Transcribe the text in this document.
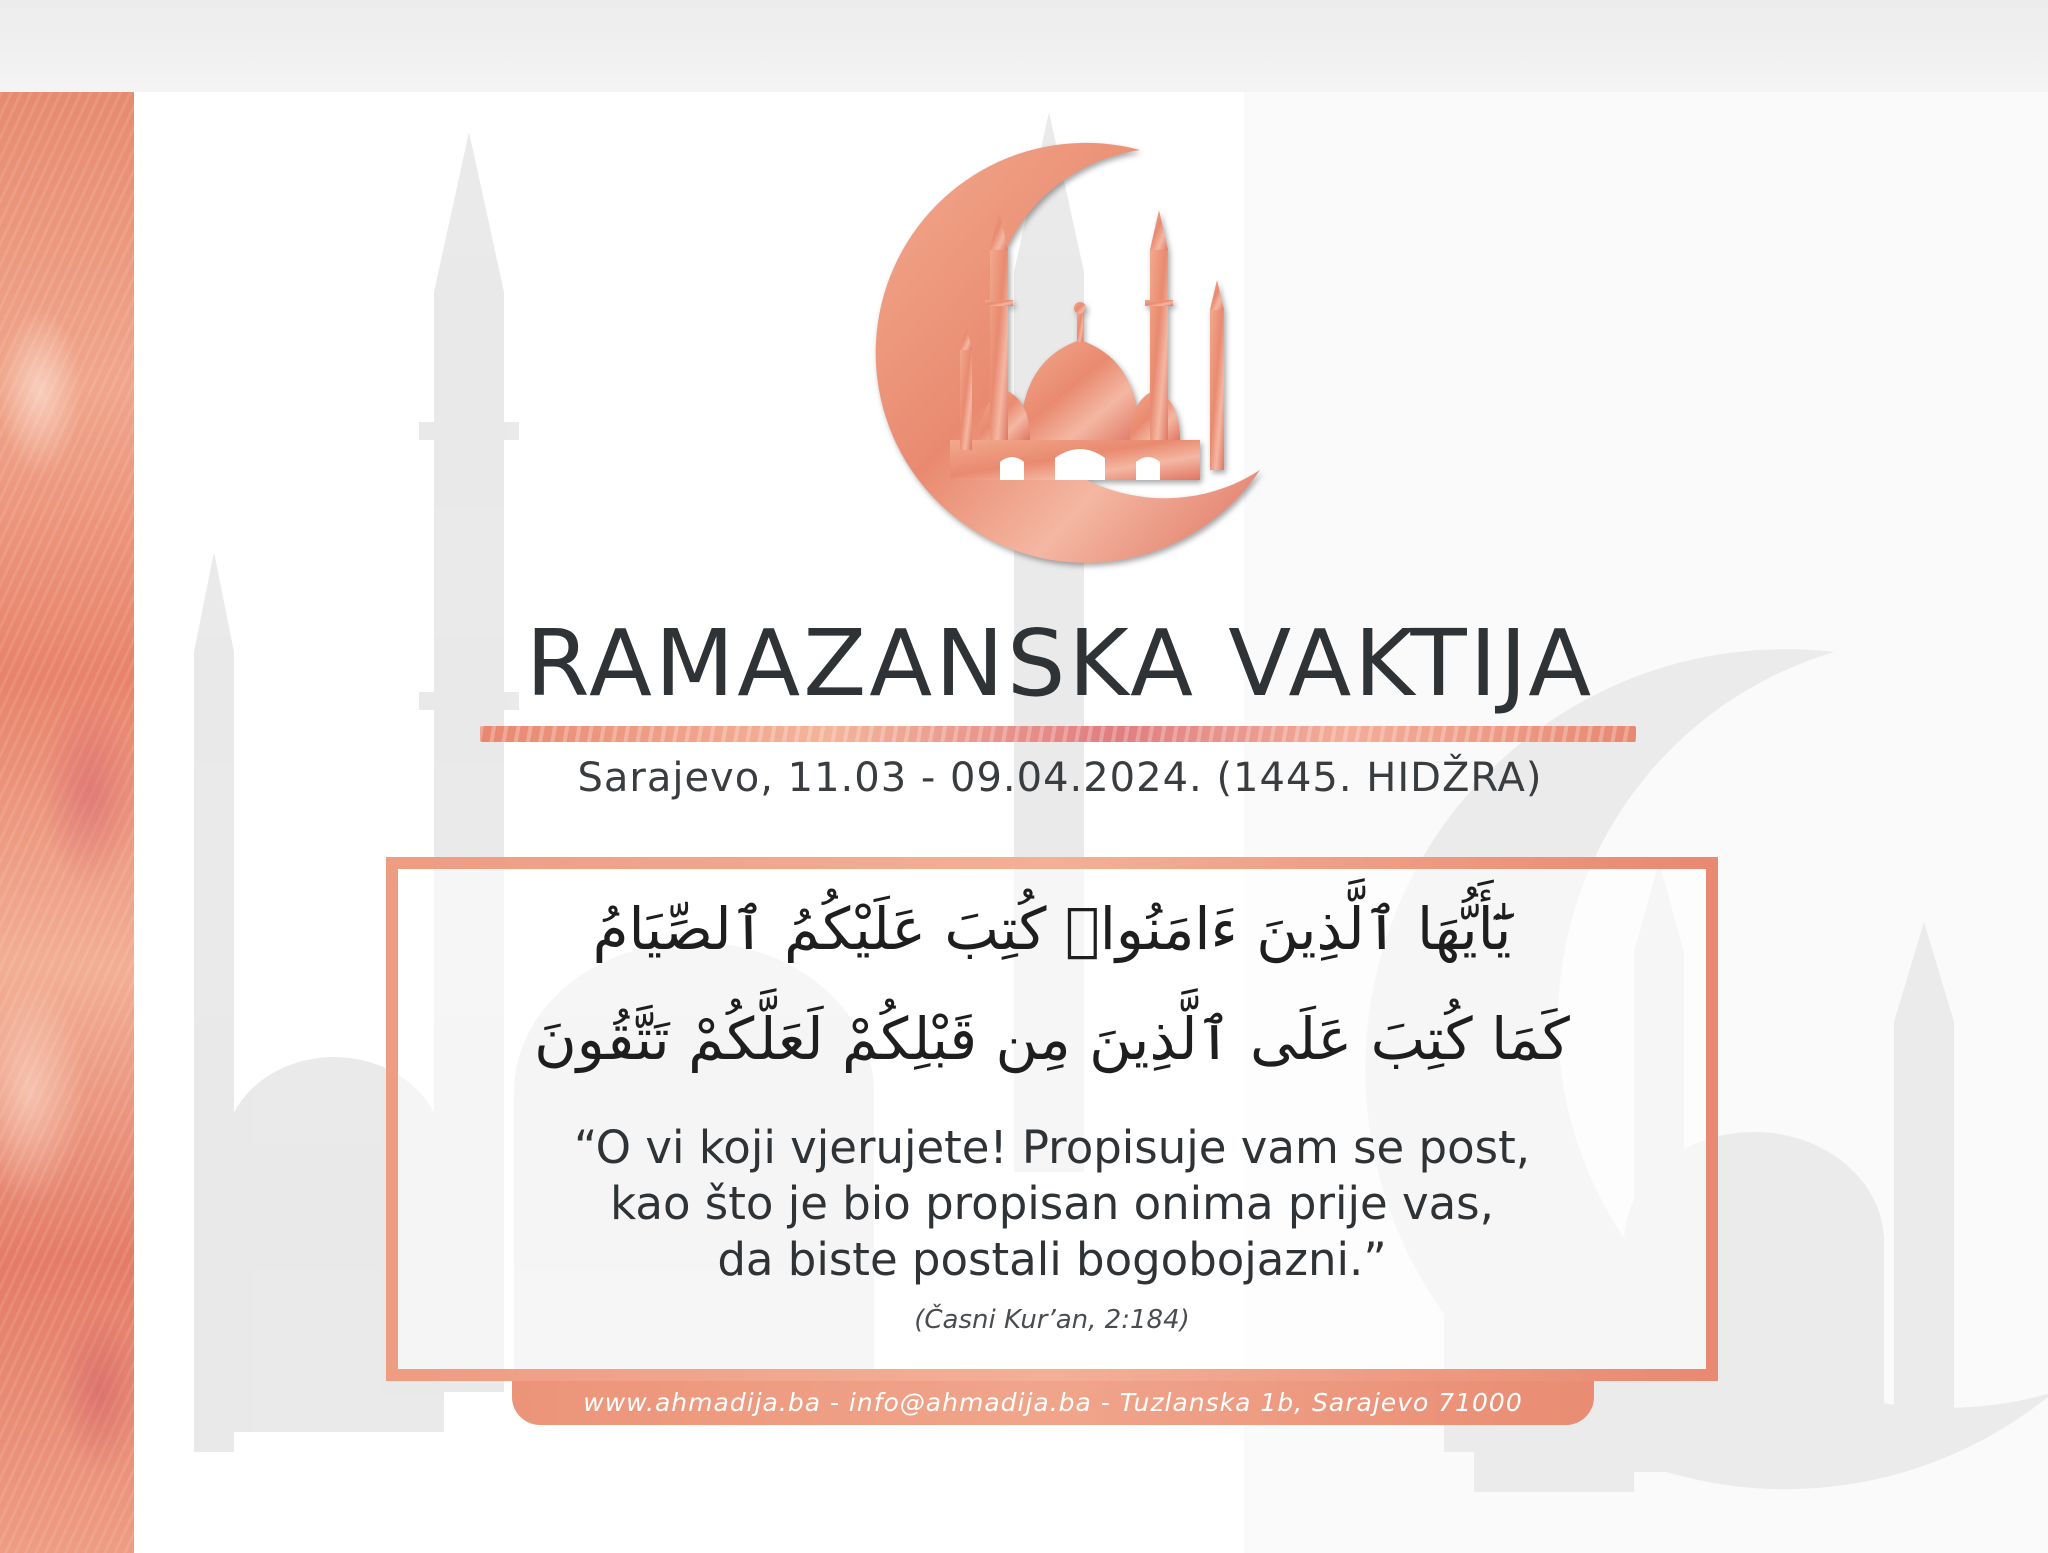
RAMAZANSKA VAKTIJA
Sarajevo, 11.03 - 09.04.2024. (1445. HIDŽRA)
يَٰٓأَيُّهَا ٱلَّذِينَ ءَامَنُوا۟ كُتِبَ عَلَيْكُمُ ٱلصِّيَامُ
كَمَا كُتِبَ عَلَى ٱلَّذِينَ مِن قَبْلِكُمْ لَعَلَّكُمْ تَتَّقُونَ
“O vi koji vjerujete! Propisuje vam se post,
kao što je bio propisan onima prije vas,
da biste postali bogobojazni.”
(Časni Kur’an, 2:184)
www.ahmadija.ba - info@ahmadija.ba - Tuzlanska 1b, Sarajevo 71000
